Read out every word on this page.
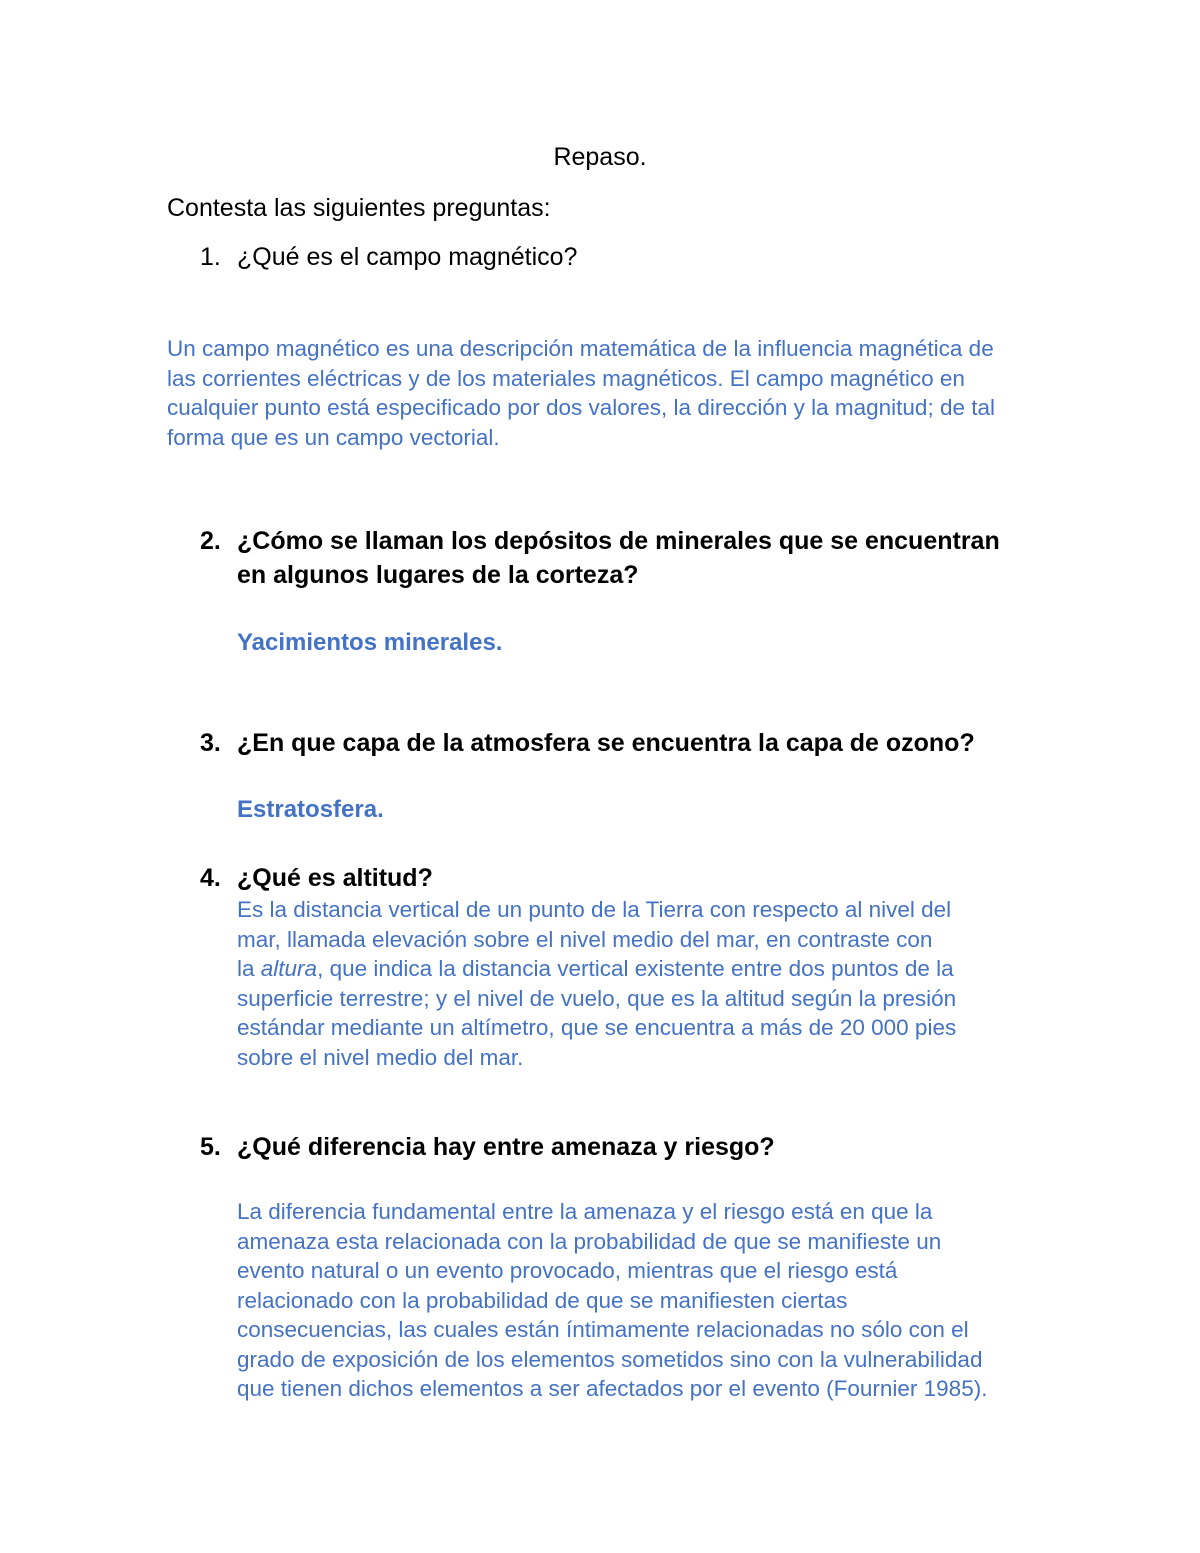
Repaso.
Contesta las siguientes preguntas:
1. ¿Qué es el campo magnético?
Un campo magnético es una descripción matemática de la influencia magnética de
las corrientes eléctricas y de los materiales magnéticos. El campo magnético en
cualquier punto está especificado por dos valores, la dirección y la magnitud; de tal
forma que es un campo vectorial.
2. ¿Cómo se llaman los depósitos de minerales que se encuentran
en algunos lugares de la corteza?
Yacimientos minerales.
3. ¿En que capa de la atmosfera se encuentra la capa de ozono?
Estratosfera.
4. ¿Qué es altitud?
Es la distancia vertical de un punto de la Tierra con respecto al nivel del
mar, llamada elevación sobre el nivel medio del mar, en contraste con
la altura, que indica la distancia vertical existente entre dos puntos de la
superficie terrestre; y el nivel de vuelo, que es la altitud según la presión
estándar mediante un altímetro, que se encuentra a más de 20 000 pies
sobre el nivel medio del mar.
5. ¿Qué diferencia hay entre amenaza y riesgo?
La diferencia fundamental entre la amenaza y el riesgo está en que la
amenaza esta relacionada con la probabilidad de que se manifieste un
evento natural o un evento provocado, mientras que el riesgo está
relacionado con la probabilidad de que se manifiesten ciertas
consecuencias, las cuales están íntimamente relacionadas no sólo con el
grado de exposición de los elementos sometidos sino con la vulnerabilidad
que tienen dichos elementos a ser afectados por el evento (Fournier 1985).
